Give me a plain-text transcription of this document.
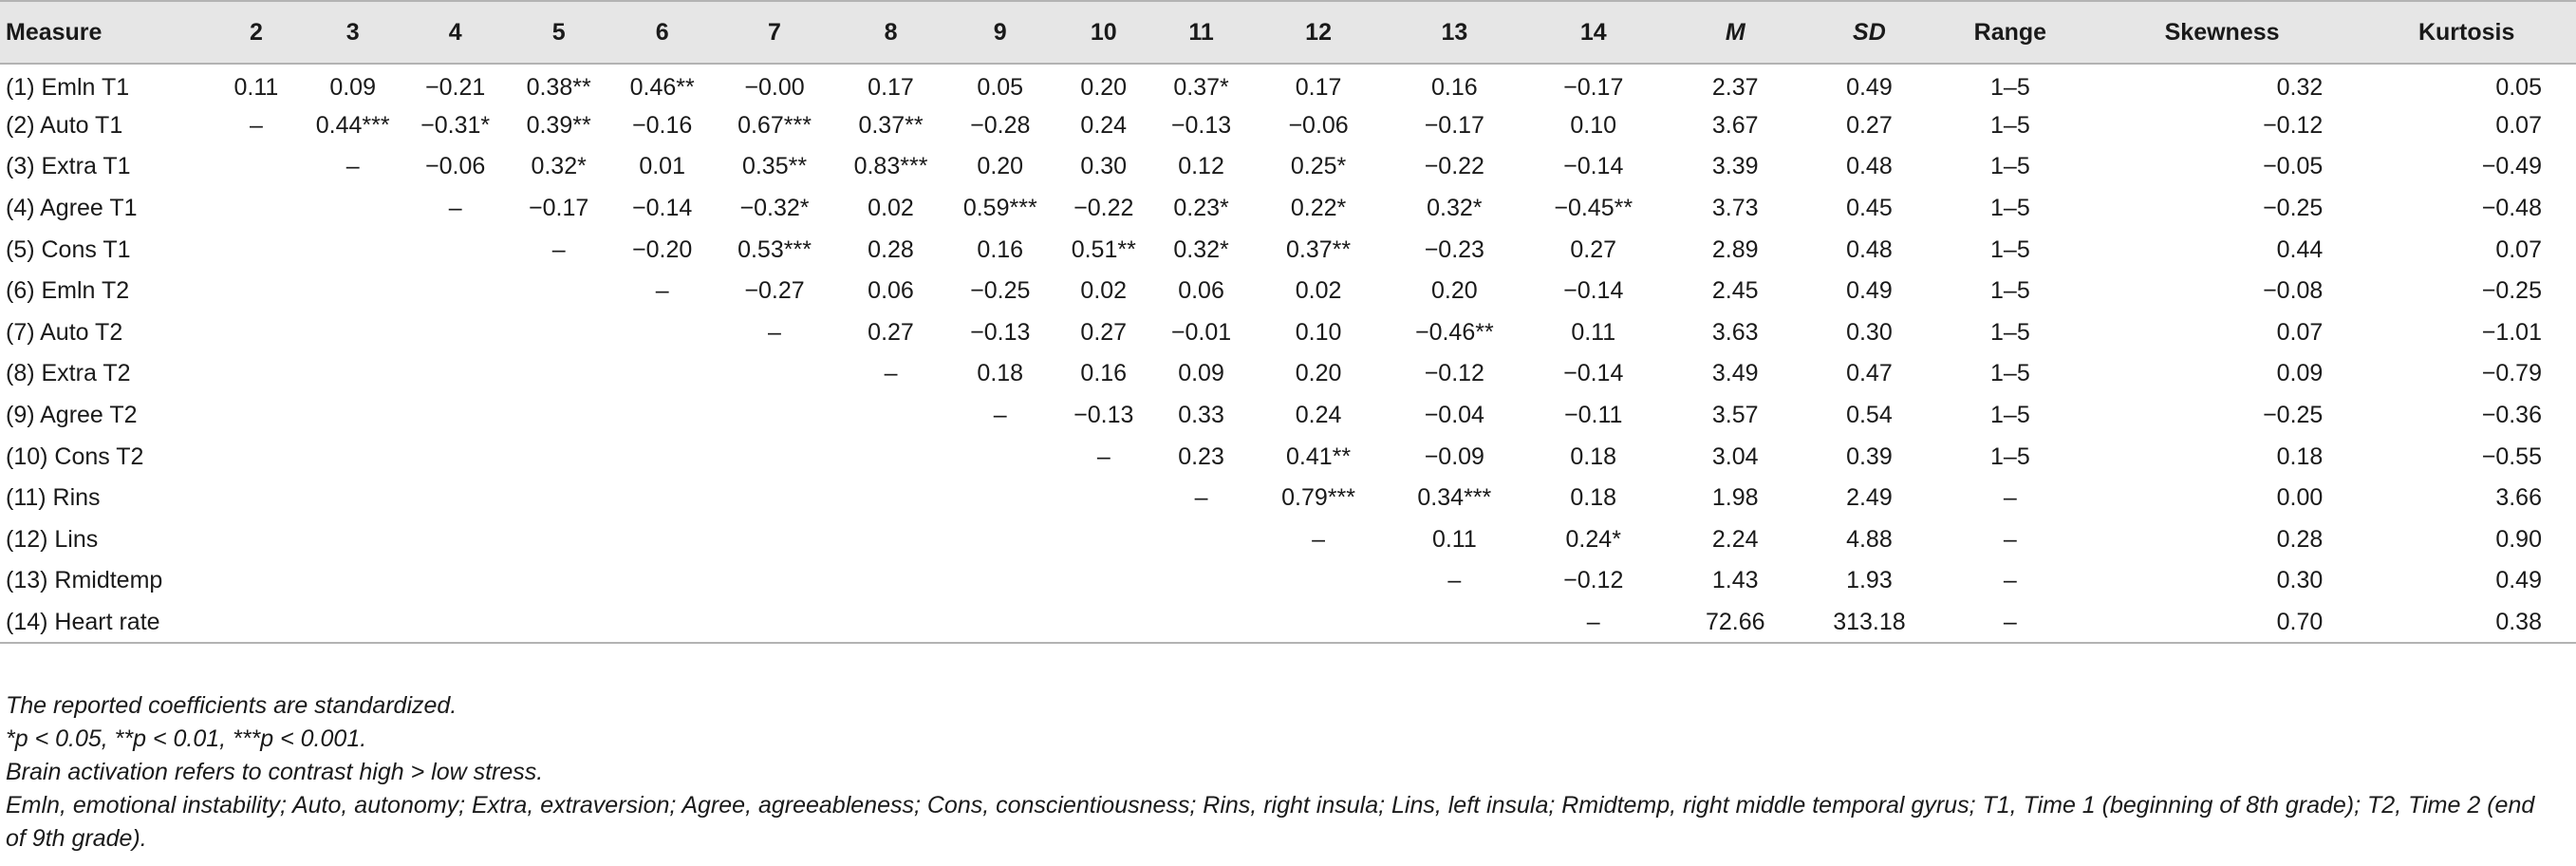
Measure	2	3	4	5	6	7	8	9	10	11	12	13	14	M	SD	Range	Skewness	Kurtosis
(1) Emln T1	0.11	0.09	−0.21	0.38**	0.46**	−0.00	0.17	0.05	0.20	0.37*	0.17	0.16	−0.17	2.37	0.49	1–5	0.32	0.05
(2) Auto T1	–	0.44***	−0.31*	0.39**	−0.16	0.67***	0.37**	−0.28	0.24	−0.13	−0.06	−0.17	0.10	3.67	0.27	1–5	−0.12	0.07
(3) Extra T1		–	−0.06	0.32*	0.01	0.35**	0.83***	0.20	0.30	0.12	0.25*	−0.22	−0.14	3.39	0.48	1–5	−0.05	−0.49
(4) Agree T1			–	−0.17	−0.14	−0.32*	0.02	0.59***	−0.22	0.23*	0.22*	0.32*	−0.45**	3.73	0.45	1–5	−0.25	−0.48
(5) Cons T1				–	−0.20	0.53***	0.28	0.16	0.51**	0.32*	0.37**	−0.23	0.27	2.89	0.48	1–5	0.44	0.07
(6) Emln T2					–	−0.27	0.06	−0.25	0.02	0.06	0.02	0.20	−0.14	2.45	0.49	1–5	−0.08	−0.25
(7) Auto T2						–	0.27	−0.13	0.27	−0.01	0.10	−0.46**	0.11	3.63	0.30	1–5	0.07	−1.01
(8) Extra T2							–	0.18	0.16	0.09	0.20	−0.12	−0.14	3.49	0.47	1–5	0.09	−0.79
(9) Agree T2								–	−0.13	0.33	0.24	−0.04	−0.11	3.57	0.54	1–5	−0.25	−0.36
(10) Cons T2									–	0.23	0.41**	−0.09	0.18	3.04	0.39	1–5	0.18	−0.55
(11) Rins										–	0.79***	0.34***	0.18	1.98	2.49	–	0.00	3.66
(12) Lins											–	0.11	0.24*	2.24	4.88	–	0.28	0.90
(13) Rmidtemp												–	−0.12	1.43	1.93	–	0.30	0.49
(14) Heart rate													–	72.66	313.18	–	0.70	0.38
The reported coefficients are standardized.
*p < 0.05, **p < 0.01, ***p < 0.001.
Brain activation refers to contrast high > low stress.
Emln, emotional instability; Auto, autonomy; Extra, extraversion; Agree, agreeableness; Cons, conscientiousness; Rins, right insula; Lins, left insula; Rmidtemp, right middle temporal gyrus; T1, Time 1 (beginning of 8th grade); T2, Time 2 (end of 9th grade).
